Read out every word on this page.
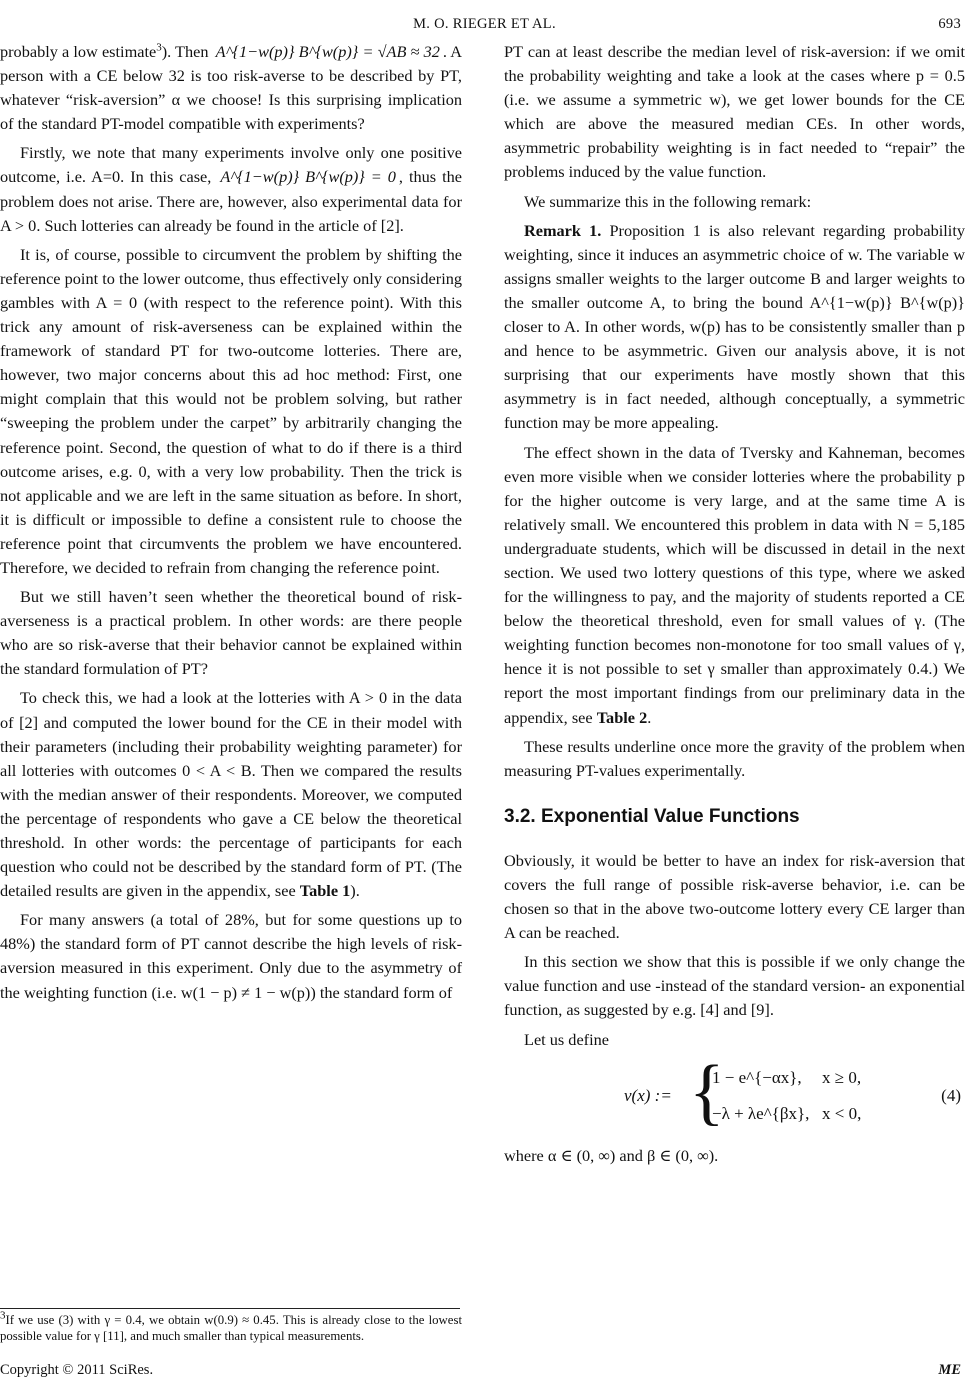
M. O. RIEGER ET AL.	693

probably a low estimate$^3$). Then A^{1−w(p)} B^{w(p)} = √AB ≈ 32 . A person with a CE below 32 is too risk-averse to be described by PT, whatever “risk-aversion” α we choose! Is this surprising implication of the standard PT-model compatible with experiments?

Firstly, we note that many experiments involve only one positive outcome, i.e. A=0. In this case, A^{1−w(p)} B^{w(p)} = 0 , thus the problem does not arise. There are, however, also experimental data for A > 0. Such lotteries can already be found in the article of [2].

It is, of course, possible to circumvent the problem by shifting the reference point to the lower outcome, thus effectively only considering gambles with A = 0 (with respect to the reference point). With this trick any amount of risk-averseness can be explained within the framework of standard PT for two-outcome lotteries. There are, however, two major concerns about this ad hoc method: First, one might complain that this would not be problem solving, but rather “sweeping the problem under the carpet” by arbitrarily changing the reference point. Second, the question of what to do if there is a third outcome arises, e.g. 0, with a very low probability. Then the trick is not applicable and we are left in the same situation as before. In short, it is difficult or impossible to define a consistent rule to choose the reference point that circumvents the problem we have encountered. Therefore, we decided to refrain from changing the reference point.

But we still haven’t seen whether the theoretical bound of risk-averseness is a practical problem. In other words: are there people who are so risk-averse that their behavior cannot be explained within the standard formulation of PT?

To check this, we had a look at the lotteries with A > 0 in the data of [2] and computed the lower bound for the CE in their model with their parameters (including their probability weighting parameter) for all lotteries with outcomes 0 < A < B. Then we compared the results with the median answer of their respondents. Moreover, we computed the percentage of respondents who gave a CE below the theoretical threshold. In other words: the percentage of participants for each question who could not be described by the standard form of PT. (The detailed results are given in the appendix, see Table 1).

For many answers (a total of 28%, but for some questions up to 48%) the standard form of PT cannot describe the high levels of risk-aversion measured in this experiment. Only due to the asymmetry of the weighting function (i.e. w(1 − p) ≠ 1 − w(p)) the standard form of

$^3$If we use (3) with γ = 0.4, we obtain w(0.9) ≈ 0.45. This is already close to the lowest possible value for γ [11], and much smaller than typical measurements.

PT can at least describe the median level of risk-aversion: if we omit the probability weighting and take a look at the cases where p = 0.5 (i.e. we assume a symmetric w), we get lower bounds for the CE which are above the measured median CEs. In other words, asymmetric probability weighting is in fact needed to “repair” the problems induced by the value function.

We summarize this in the following remark:

Remark 1. Proposition 1 is also relevant regarding probability weighting, since it induces an asymmetric choice of w. The variable w assigns smaller weights to the larger outcome B and larger weights to the smaller outcome A, to bring the bound A^{1−w(p)} B^{w(p)} closer to A. In other words, w(p) has to be consistently smaller than p and hence to be asymmetric. Given our analysis above, it is not surprising that our experiments have mostly shown that this asymmetry is in fact needed, although conceptually, a symmetric function may be more appealing.

The effect shown in the data of Tversky and Kahneman, becomes even more visible when we consider lotteries where the probability p for the higher outcome is very large, and at the same time A is relatively small. We encountered this problem in data with N = 5,185 undergraduate students, which will be discussed in detail in the next section. We used two lottery questions of this type, where we asked for the willingness to pay, and the majority of students reported a CE below the theoretical threshold, even for small values of γ. (The weighting function becomes non-monotone for too small values of γ, hence it is not possible to set γ smaller than approximately 0.4.) We report the most important findings from our preliminary data in the appendix, see Table 2.

These results underline once more the gravity of the problem when measuring PT-values experimentally.

3.2. Exponential Value Functions

Obviously, it would be better to have an index for risk-aversion that covers the full range of possible risk-averse behavior, i.e. can be chosen so that in the above two-outcome lottery every CE larger than A can be reached.

In this section we show that this is possible if we only change the value function and use -instead of the standard version- an exponential function, as suggested by e.g. [4] and [9].

Let us define

v(x) := {
1 − e^{−αx}, x ≥ 0,
−λ + λe^{βx}, x < 0,
(4)

where α ∈ (0, ∞) and β ∈ (0, ∞).

Copyright © 2011 SciRes.	ME
